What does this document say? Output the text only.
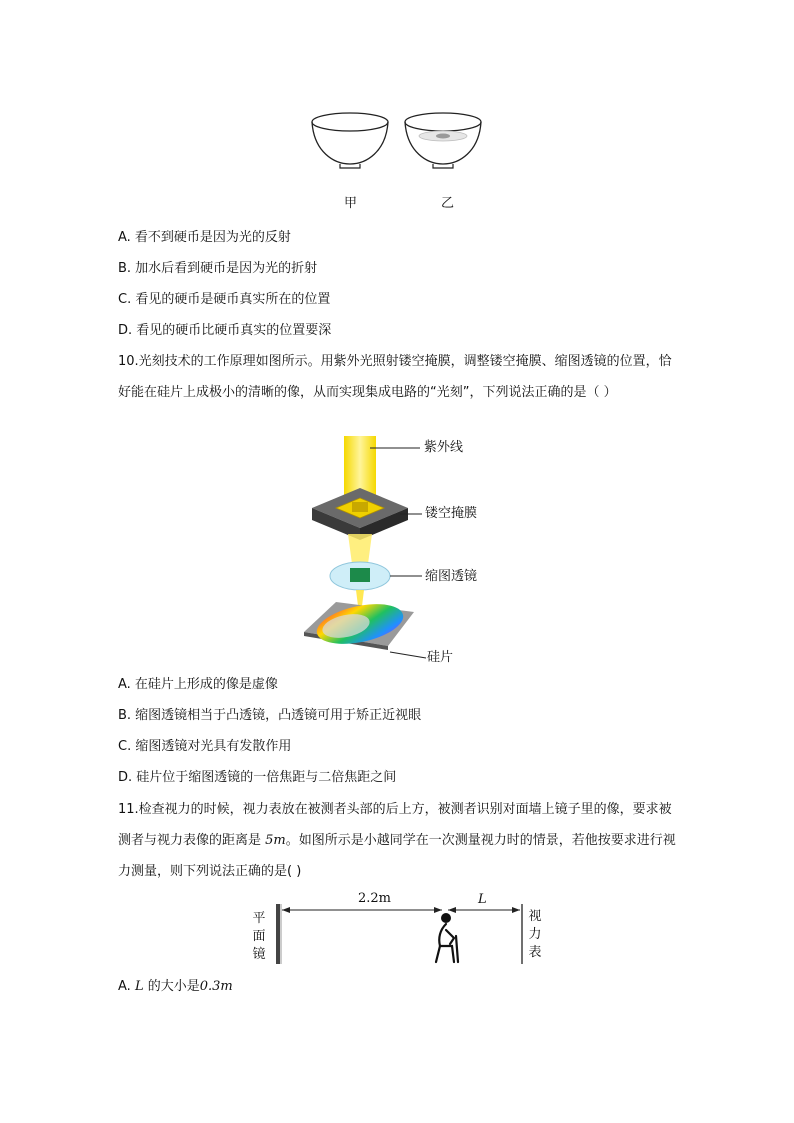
甲	乙
A. 看不到硬币是因为光的反射
B. 加水后看到硬币是因为光的折射
C. 看见的硬币是硬币真实所在的位置
D. 看见的硬币比硬币真实的位置要深
10.光刻技术的工作原理如图所示。用紫外光照射镂空掩膜，调整镂空掩膜、缩图透镜的位置，恰好能在硅片上成极小的清晰的像，从而实现集成电路的“光刻”，下列说法正确的是（ ）
紫外线
镂空掩膜
缩图透镜
硅片
A. 在硅片上形成的像是虚像
B. 缩图透镜相当于凸透镜，凸透镜可用于矫正近视眼
C. 缩图透镜对光具有发散作用
D. 硅片位于缩图透镜的一倍焦距与二倍焦距之间
11.检查视力的时候，视力表放在被测者头部的后上方，被测者识别对面墙上镜子里的像，要求被测者与视力表像的距离是 5m。如图所示是小越同学在一次测量视力时的情景，若他按要求进行视力测量，则下列说法正确的是( )
2.2m	L
平
面
镜
视
力
表
A. L 的大小是0.3m
